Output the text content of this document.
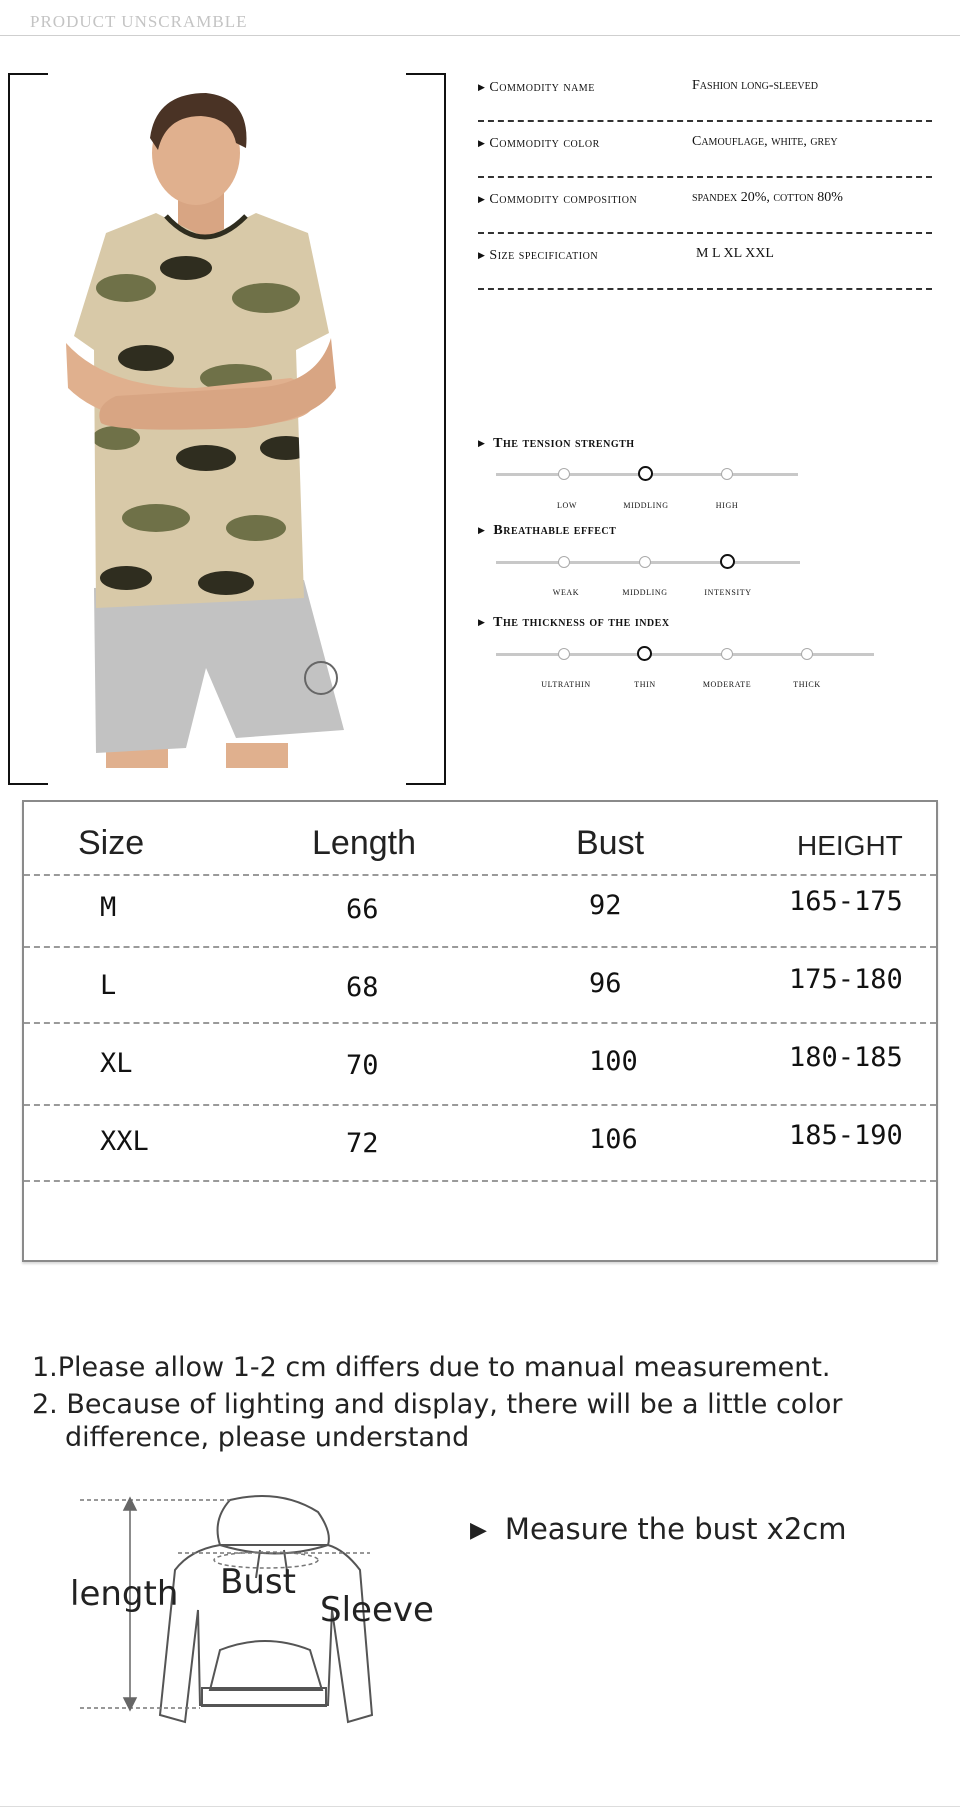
PRODUCT UNSCRAMBLE
▶ Commodity name	Fashion long-sleeved
▶ Commodity color	Camouflage, white, grey
▶ Commodity composition	spandex 20%, cotton 80%
▶ Size specification	M L XL XXL
▶ The tension strength
low	middling	high
▶ Breathable effect
weak	middling	intensity
▶ The thickness of the index
ultrathin	thin	moderate	thick
Size	Length	Bust	HEIGHT
M	66	92	165-175
L	68	96	175-180
XL	70	100	180-185
XXL	72	106	185-190
1.Please allow 1-2 cm differs due to manual measurement.
2. Because of lighting and display, there will be a little color
difference, please understand
length Bust
Sleeve
▶ Measure the bust x2cm
